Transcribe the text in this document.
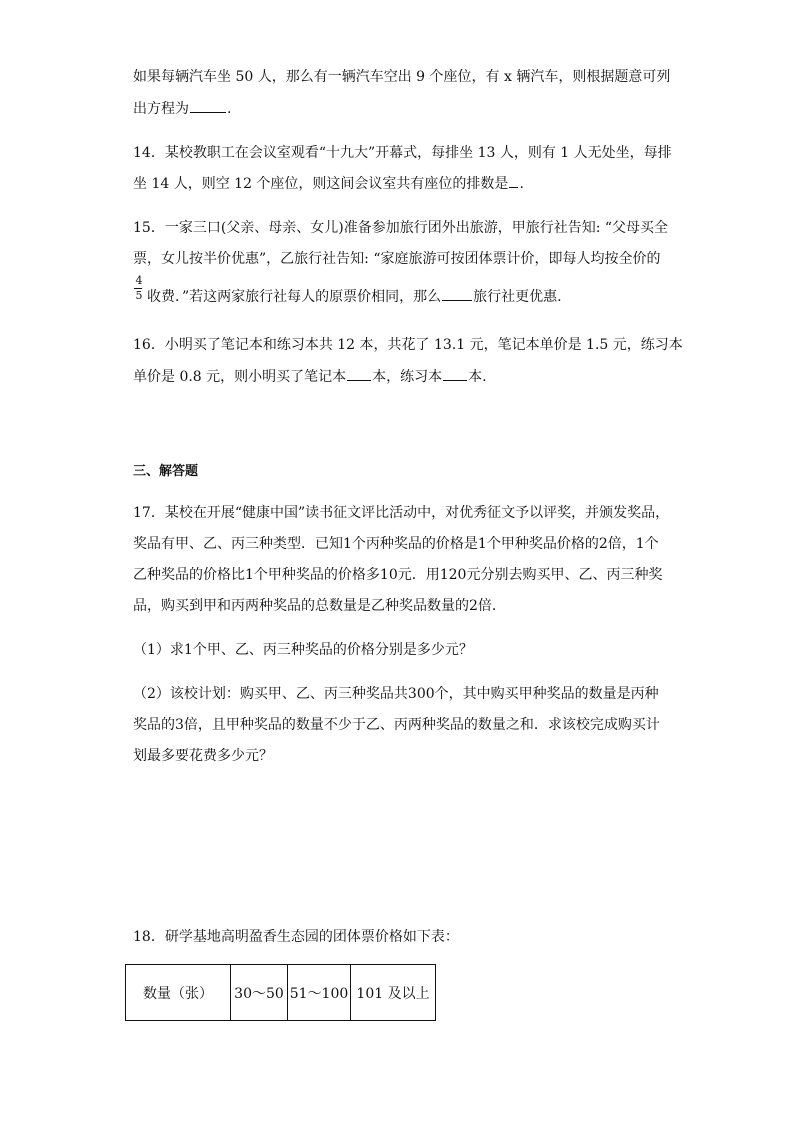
如果每辆汽车坐 50 人，那么有一辆汽车空出 9 个座位，有 x 辆汽车，则根据题意可列
出方程为	.
14．某校教职工在会议室观看“十九大”开幕式，每排坐 13 人，则有 1 人无处坐，每排
坐 14 人，则空 12 个座位，则这间会议室共有座位的排数是 .
15．一家三口(父亲、母亲、女儿)准备参加旅行团外出旅游，甲旅行社告知: “父母买全
票，女儿按半价优惠”，乙旅行社告知: “家庭旅游可按团体票计价，即每人均按全价的
4
5 收费．”若这两家旅行社每人的原票价相同，那么 旅行社更优惠.
16．小明买了笔记本和练习本共 12 本，共花了 13.1 元，笔记本单价是 1.5 元，练习本
单价是 0.8 元，则小明买了笔记本 本，练习本 本.
三、解答题
17．某校在开展“健康中国”读书征文评比活动中，对优秀征文予以评奖，并颁发奖品，
奖品有甲、乙、丙三种类型．已知1个丙种奖品的价格是1个甲种奖品价格的2倍，1个
乙种奖品的价格比1个甲种奖品的价格多10元．用120元分别去购买甲、乙、丙三种奖
品，购买到甲和丙两种奖品的总数量是乙种奖品数量的2倍．
（1）求1个甲、乙、丙三种奖品的价格分别是多少元？
（2）该校计划：购买甲、乙、丙三种奖品共300个，其中购买甲种奖品的数量是丙种
奖品的3倍，且甲种奖品的数量不少于乙、丙两种奖品的数量之和．求该校完成购买计
划最多要花费多少元？
18．研学基地高明盈香生态园的团体票价格如下表：
数量（张）	30～50	51～100	101 及以上
